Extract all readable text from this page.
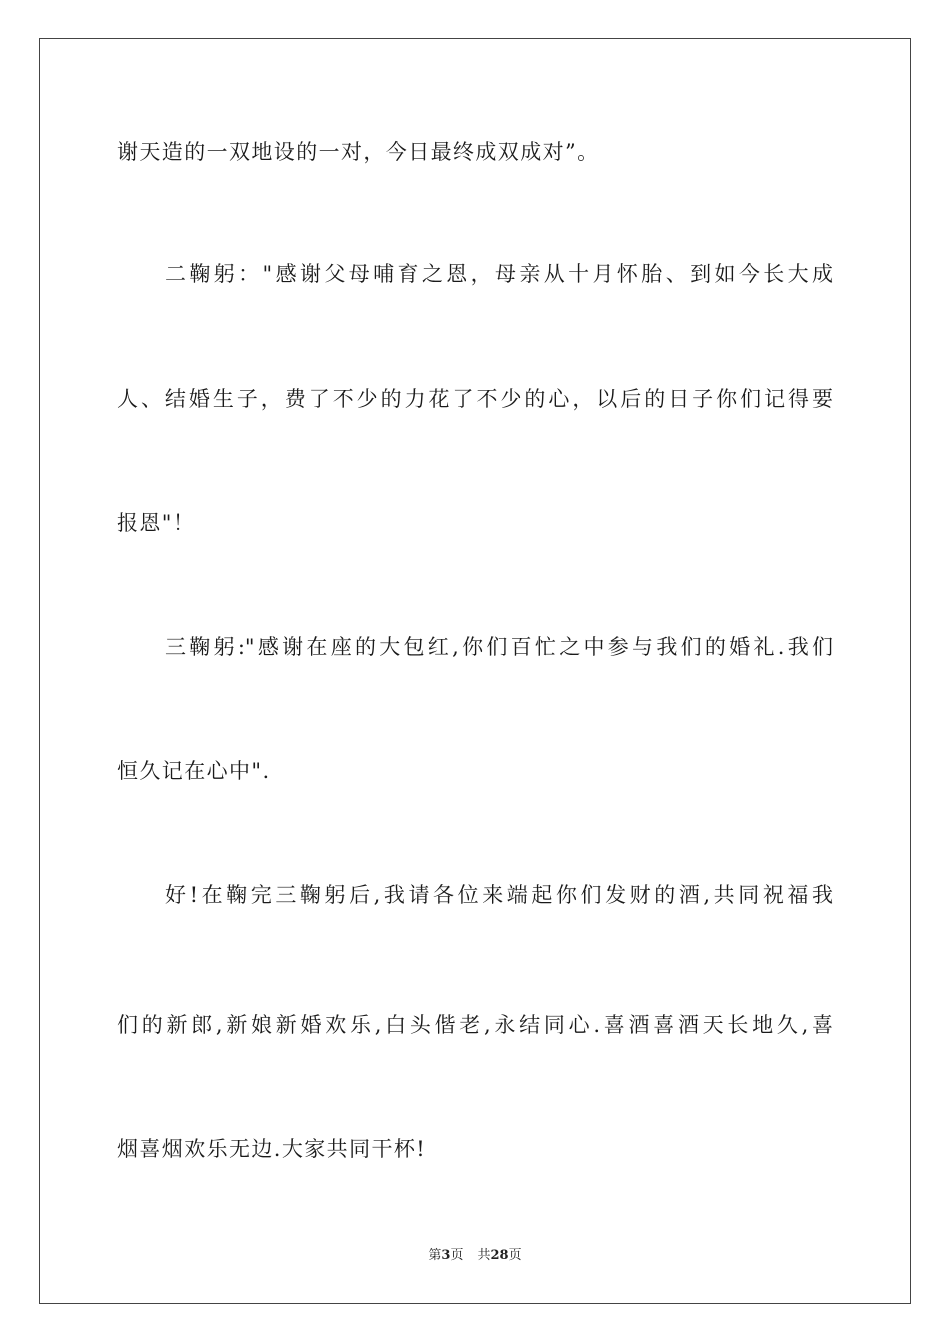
谢天造的一双地设的一对，今日最终成双成对”。
二鞠躬："感谢父母哺育之恩，母亲从十月怀胎、到如今长大成
人、结婚生子，费了不少的力花了不少的心，以后的日子你们记得要
报恩"！
三鞠躬:"感谢在座的大包红,你们百忙之中参与我们的婚礼.我们
恒久记在心中".
好!在鞠完三鞠躬后,我请各位来端起你们发财的酒,共同祝福我
们的新郎,新娘新婚欢乐,白头偕老,永结同心.喜酒喜酒天长地久,喜
烟喜烟欢乐无边.大家共同干杯!
第3页 共28页
